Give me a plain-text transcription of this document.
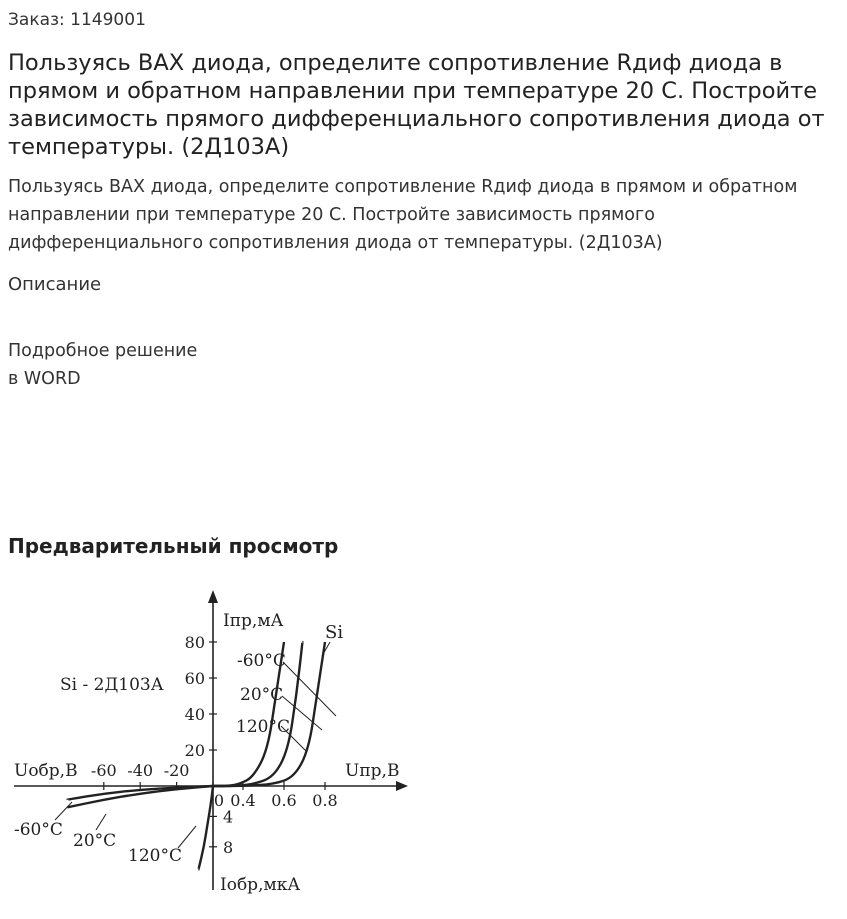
Заказ: 1149001
Пользуясь ВАХ диода, определите сопротивление Rдиф диода в прямом и обратном направлении при температуре 20 С. Постройте зависимость прямого дифференциального сопротивления диода от температуры. (2Д103А)

Пользуясь ВАХ диода, определите сопротивление Rдиф диода в прямом и обратном направлении при температуре 20 С. Постройте зависимость прямого дифференциального сопротивления диода от температуры. (2Д103А)

Описание
Подробное решение
в WORD
Предварительный просмотр
20
40
60
80
0 0.4 0.6 0.8
-20
-40
-60
4
8
Iпр,мА
Iобр,мкА
Uпр,В
Uобр,В
Si - 2Д103А
Si
-60°C
20°C
120°C
-60°C
20°C
120°C
